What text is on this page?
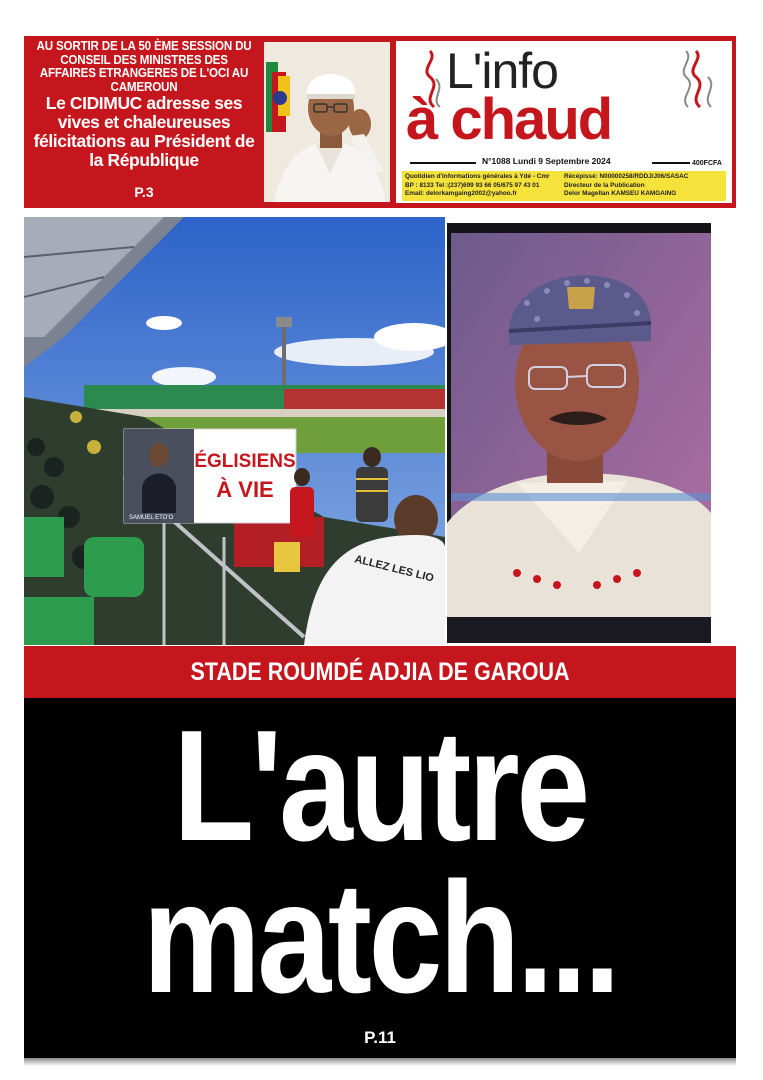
AU SORTIR DE LA 50 ÈME SESSION DU CONSEIL DES MINISTRES DES AFFAIRES ETRANGERES DE L'OCI AU CAMEROUN
Le CIDIMUC adresse ses vives et chaleureuses félicitations au Président de la République
P.3
L'info
à chaud
N°1088 Lundi 9 Septembre 2024	400FCFA
Quotidien d'informations générales à Ydé - Cmr
BP : 8133 Tel :(237)699 93 66 05/675 97 43 01
Email: delorkamgaing2002@yahoo.fr
Récépissé: N00000258/RDDJ/J06/SASAC
Directeur de la Publication
Delor Magellan KAMSEU KAMGAING
SAMUEL ETO'O
ÉGLISIENS
À VIE
ALLEZ LES LIO
STADE ROUMDÉ ADJIA DE GAROUA
L'autre
match...
P.11
